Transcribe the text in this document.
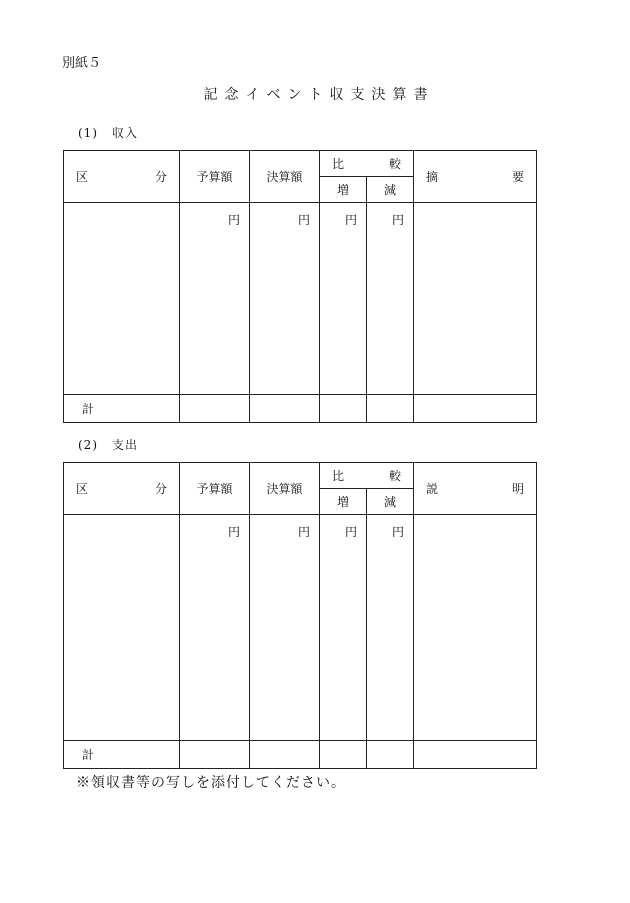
別紙５
記念イベント収支決算書
(1) 収入
区 分	予算額	決算額	比 較		摘 要

			増	減	
	円	円	円	円	
計					
(2) 支出
区 分	予算額	決算額	比 較		説 明

			増	減	
	円	円	円	円	
計					
※領収書等の写しを添付してください。
